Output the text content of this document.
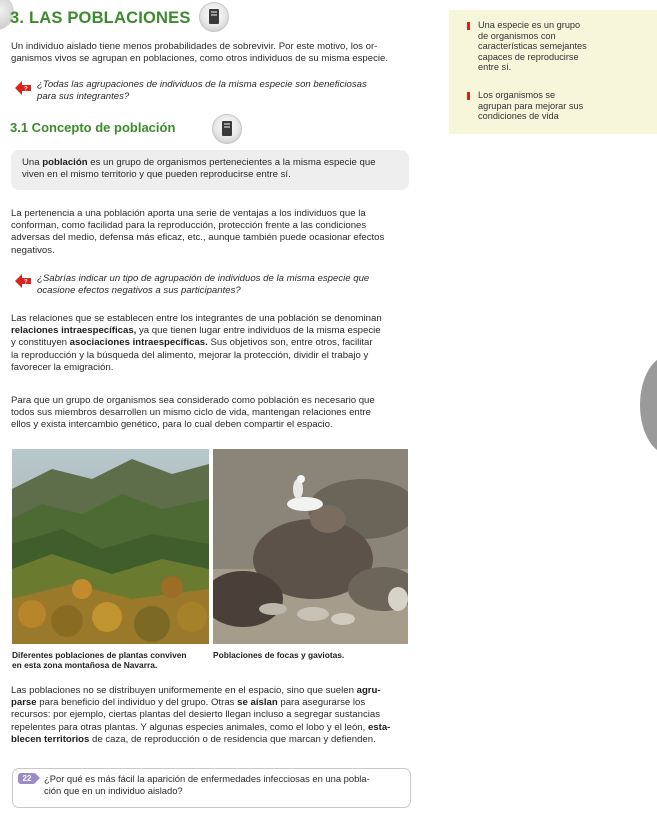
3. LAS POBLACIONES

Un individuo aislado tiene menos probabilidades de sobrevivir. Por este motivo, los or-

ganismos vivos se agrupan en poblaciones, como otros individuos de su misma especie.

? ¿Todas las agrupaciones de individuos de la misma especie son beneficiosas

para sus integrantes?

3.1 Concepto de población

Una población es un grupo de organismos pertenecientes a la misma especie que

viven en el mismo territorio y que pueden reproducirse entre sí.

La pertenencia a una población aporta una serie de ventajas a los individuos que la

conforman, como facilidad para la reproducción, protección frente a las condiciones

adversas del medio, defensa más eficaz, etc., aunque también puede ocasionar efectos

negativos.

? ¿Sabrías indicar un tipo de agrupación de individuos de la misma especie que

ocasione efectos negativos a sus participantes?

Las relaciones que se establecen entre los integrantes de una población se denominan

relaciones intraespecíficas, ya que tienen lugar entre individuos de la misma especie

y constituyen asociaciones intraespecíficas. Sus objetivos son, entre otros, facilitar

la reproducción y la búsqueda del alimento, mejorar la protección, dividir el trabajo y

favorecer la emigración.

Para que un grupo de organismos sea considerado como población es necesario que

todos sus miembros desarrollen un mismo ciclo de vida, mantengan relaciones entre

ellos y exista intercambio genético, para lo cual deben compartir el espacio.

Diferentes poblaciones de plantas conviven

en esta zona montañosa de Navarra.

Poblaciones de focas y gaviotas.

Las poblaciones no se distribuyen uniformemente en el espacio, sino que suelen agru-

parse para beneficio del individuo y del grupo. Otras se aíslan para asegurarse los

recursos: por ejemplo, ciertas plantas del desierto llegan incluso a segregar sustancias

repelentes para otras plantas. Y algunas especies animales, como el lobo y el león, esta-

blecen territorios de caza, de reproducción o de residencia que marcan y defienden.

22	¿Por qué es más fácil la aparición de enfermedades infecciosas en una pobla-

ción que en un individuo aislado?

Una especie es un grupo

de organismos con

características semejantes

capaces de reproducirse

entre sí.

Los organismos se

agrupan para mejorar sus

condiciones de vida
